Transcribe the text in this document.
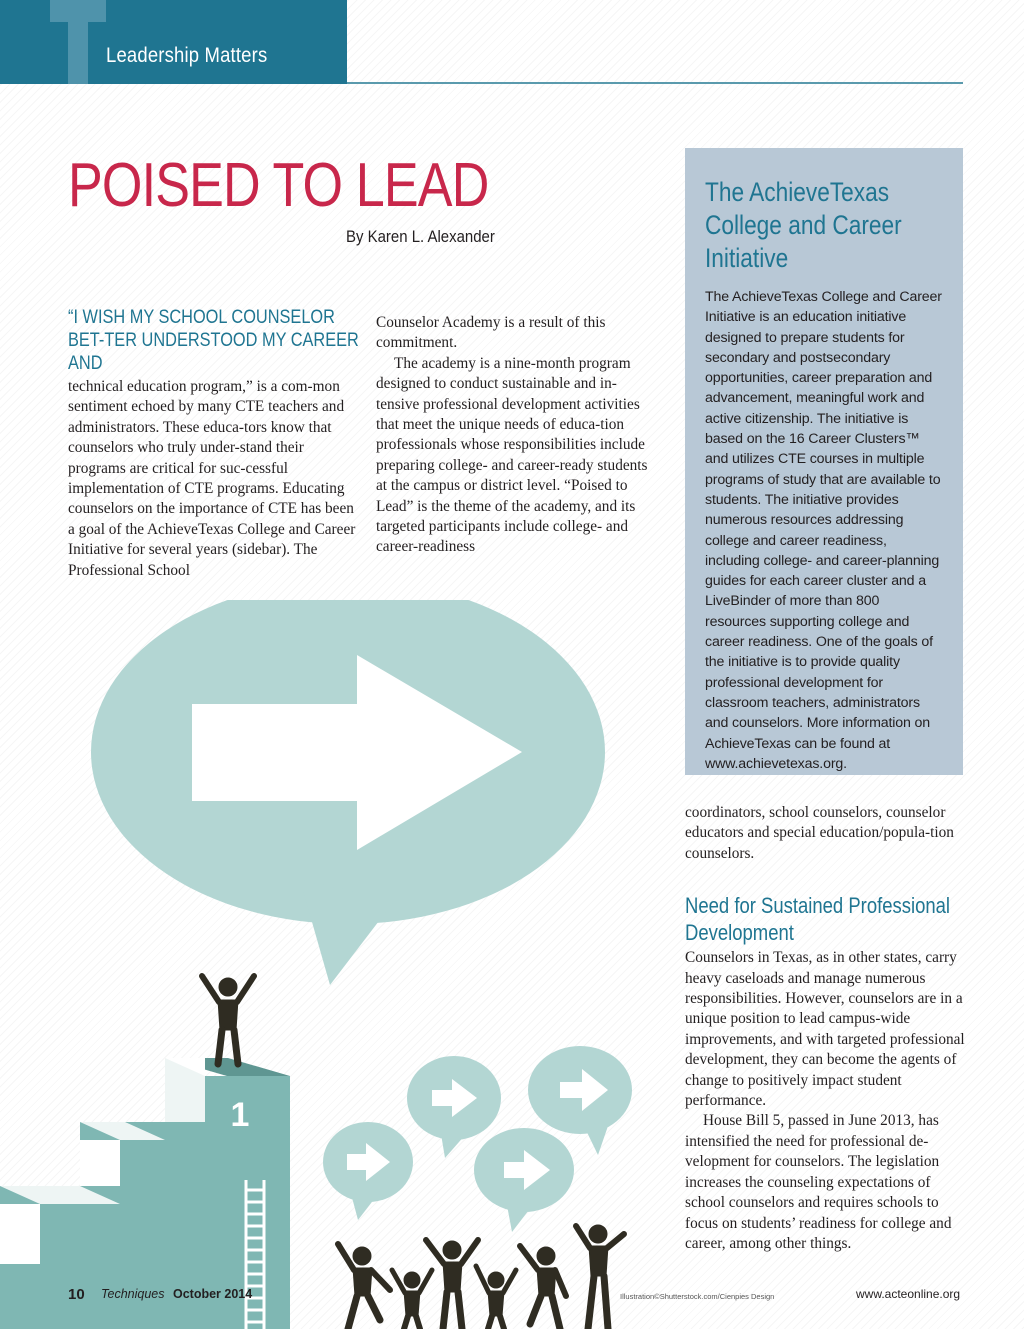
Leadership Matters
POISED TO LEAD
By Karen L. Alexander
“I WISH MY SCHOOL COUNSELOR BET-TER UNDERSTOOD MY CAREER AND

technical education program,” is a com-mon sentiment echoed by many CTE teachers and administrators. These educa-tors know that counselors who truly under-stand their programs are critical for suc-cessful implementation of CTE programs. Educating counselors on the importance of CTE has been a goal of the AchieveTexas College and Career Initiative for several years (sidebar). The Professional School

Counselor Academy is a result of this commitment.

The academy is a nine-month program designed to conduct sustainable and in-tensive professional development activities that meet the unique needs of educa-tion professionals whose responsibilities include preparing college- and career-ready students at the campus or district level. “Poised to Lead” is the theme of the academy, and its targeted participants include college- and career-readiness

The AchieveTexas College and Career Initiative
The AchieveTexas College and Career Initiative is an education initiative designed to prepare students for secondary and postsecondary opportunities, career preparation and advancement, meaningful work and active citizenship. The initiative is based on the 16 Career Clusters™ and utilizes CTE courses in multiple programs of study that are available to students. The initiative provides numerous resources addressing college and career readiness, including college- and career-planning guides for each career cluster and a LiveBinder of more than 800 resources supporting college and career readiness. One of the goals of the initiative is to provide quality professional development for classroom teachers, administrators and counselors. More information on AchieveTexas can be found at www.achievetexas.org.

coordinators, school counselors, counselor educators and special education/popula-tion counselors.

Need for Sustained Professional Development

Counselors in Texas, as in other states, carry heavy caseloads and manage numerous responsibilities. However, counselors are in a unique position to lead campus-wide improvements, and with targeted professional development, they can become the agents of change to positively impact student performance.

House Bill 5, passed in June 2013, has intensified the need for professional de-velopment for counselors. The legislation increases the counseling expectations of school counselors and requires schools to focus on students’ readiness for college and career, among other things.

1
10 Techniques October 2014	Illustration©Shutterstock.com/Cienpies Design	www.acteonline.org
